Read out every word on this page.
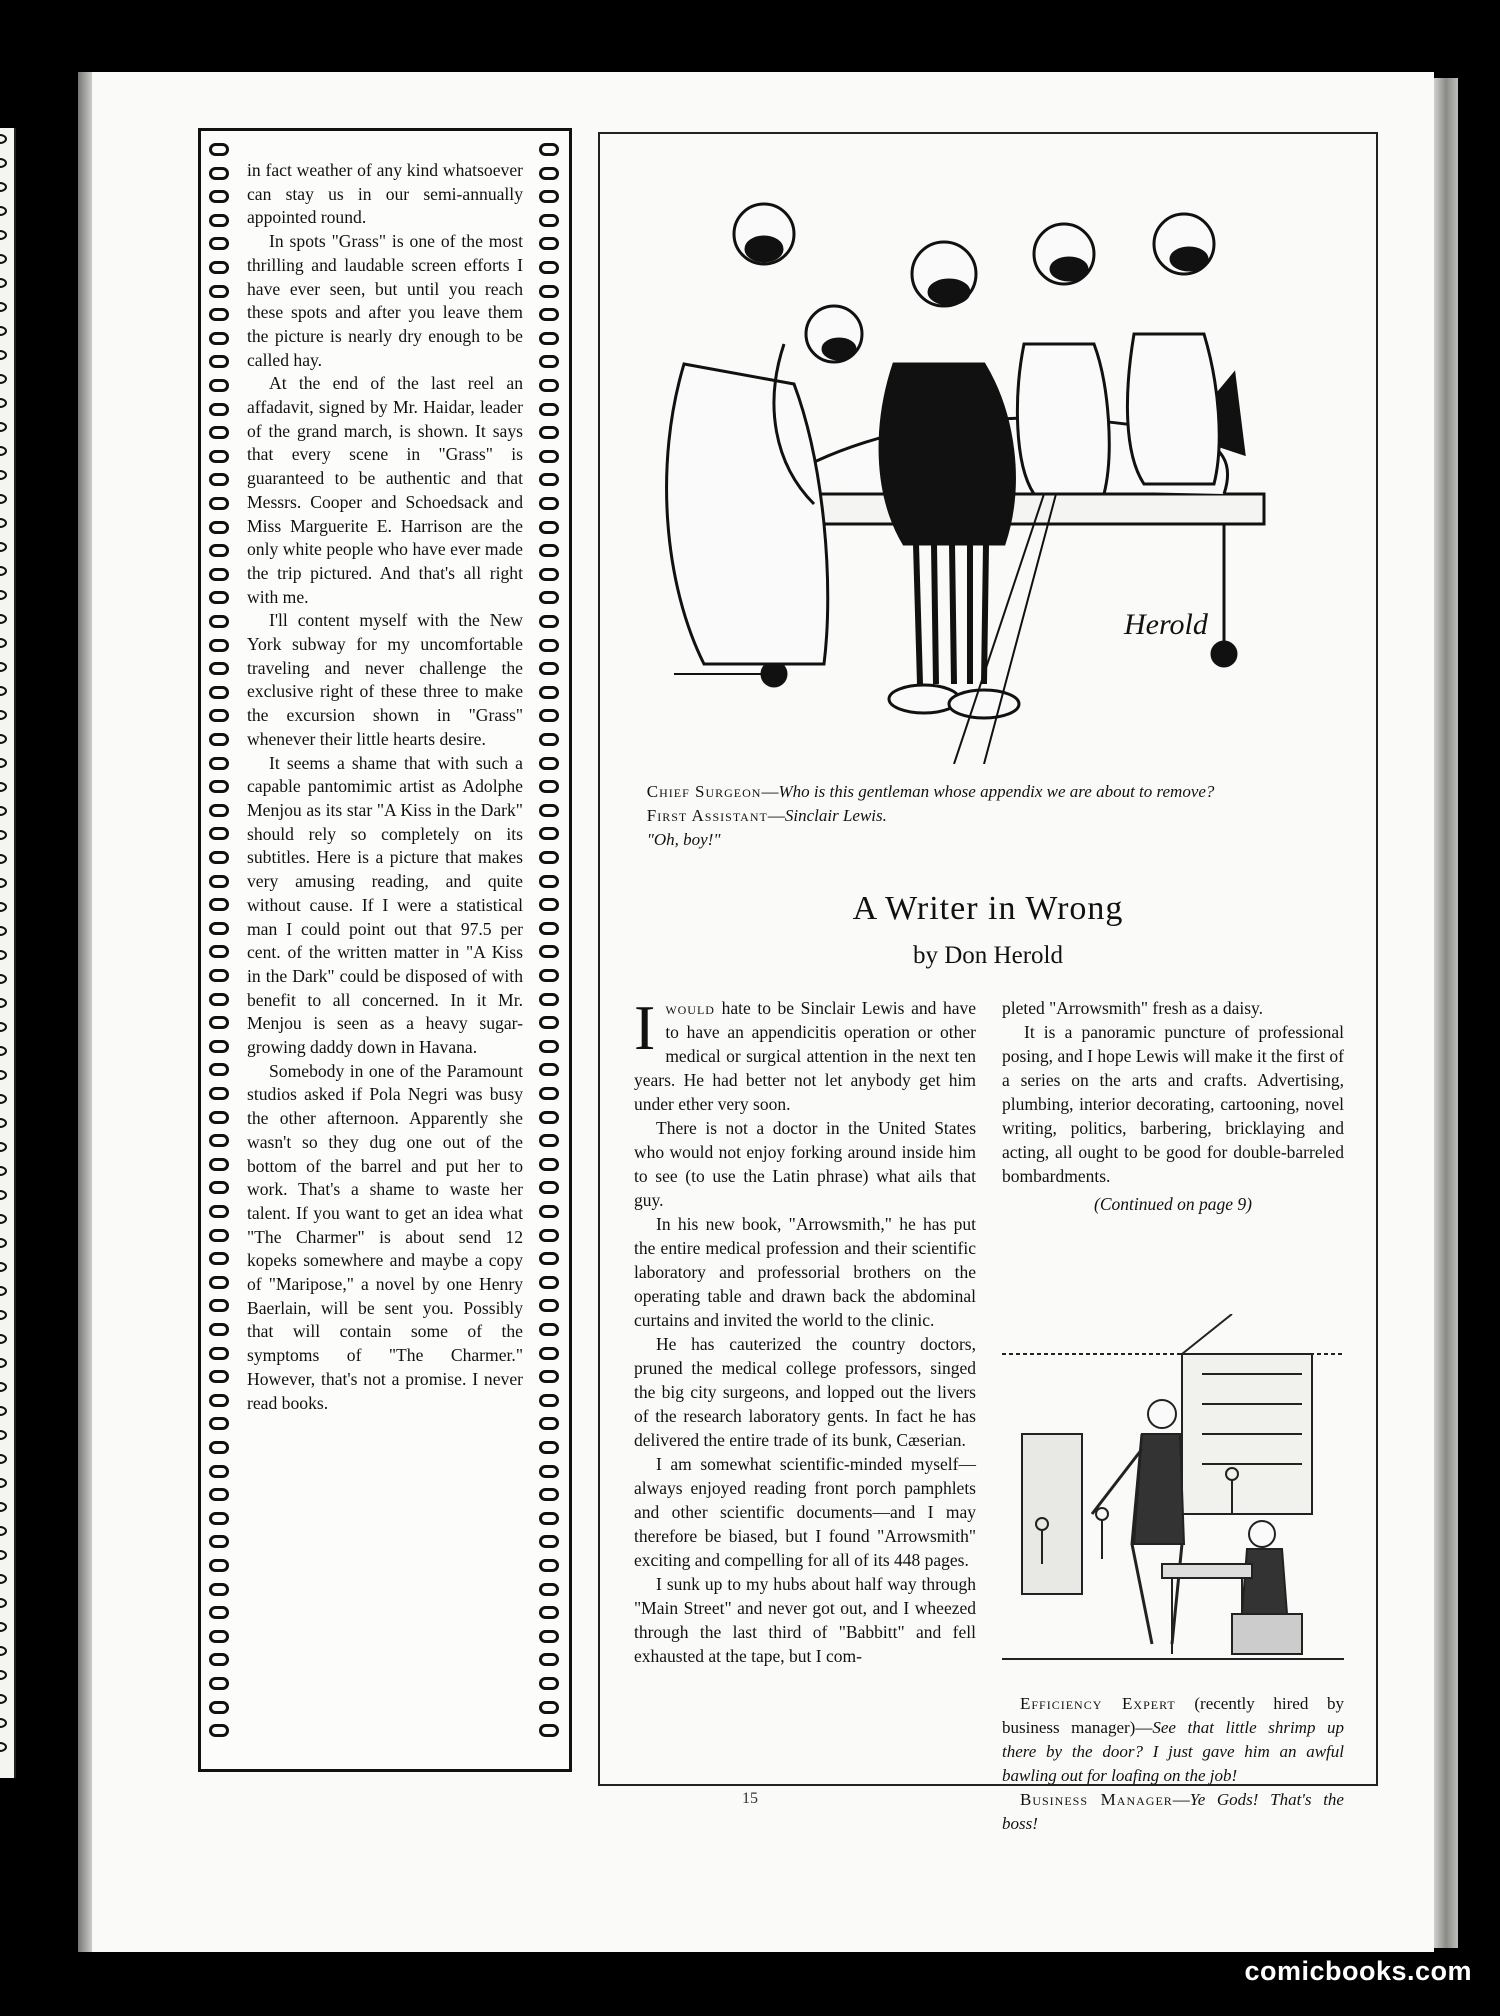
in fact weather of any kind whatsoever can stay us in our semi-annually appointed round.

In spots "Grass" is one of the most thrilling and laudable screen efforts I have ever seen, but until you reach these spots and after you leave them the picture is nearly dry enough to be called hay.

At the end of the last reel an affadavit, signed by Mr. Haidar, leader of the grand march, is shown. It says that every scene in "Grass" is guaranteed to be authentic and that Messrs. Cooper and Schoedsack and Miss Marguerite E. Harrison are the only white people who have ever made the trip pictured. And that's all right with me.

I'll content myself with the New York subway for my uncomfortable traveling and never challenge the exclusive right of these three to make the excursion shown in "Grass" whenever their little hearts desire.

It seems a shame that with such a capable pantomimic artist as Adolphe Menjou as its star "A Kiss in the Dark" should rely so completely on its subtitles. Here is a picture that makes very amusing reading, and quite without cause. If I were a statistical man I could point out that 97.5 per cent. of the written matter in "A Kiss in the Dark" could be disposed of with benefit to all concerned. In it Mr. Menjou is seen as a heavy sugar-growing daddy down in Havana.

Somebody in one of the Paramount studios asked if Pola Negri was busy the other afternoon. Apparently she wasn't so they dug one out of the bottom of the barrel and put her to work. That's a shame to waste her talent. If you want to get an idea what "The Charmer" is about send 12 kopeks somewhere and maybe a copy of "Maripose," a novel by one Henry Baerlain, will be sent you. Possibly that will contain some of the symptoms of "The Charmer." However, that's not a promise. I never read books.

Herold

Chief Surgeon—Who is this gentleman whose appendix we are about to remove?

First Assistant—Sinclair Lewis.

"Oh, boy!"

A Writer in Wrong
by Don Herold

Iwould hate to be Sinclair Lewis and have to have an appendicitis operation or other medical or surgical attention in the next ten years. He had better not let anybody get him under ether very soon.

There is not a doctor in the United States who would not enjoy forking around inside him to see (to use the Latin phrase) what ails that guy.

In his new book, "Arrowsmith," he has put the entire medical profession and their scientific laboratory and professorial brothers on the operating table and drawn back the abdominal curtains and invited the world to the clinic.

He has cauterized the country doctors, pruned the medical college professors, singed the big city surgeons, and lopped out the livers of the research laboratory gents. In fact he has delivered the entire trade of its bunk, Cæserian.

I am somewhat scientific-minded myself—always enjoyed reading front porch pamphlets and other scientific documents—and I may therefore be biased, but I found "Arrowsmith" exciting and compelling for all of its 448 pages.

I sunk up to my hubs about half way through "Main Street" and never got out, and I wheezed through the last third of "Babbitt" and fell exhausted at the tape, but I com-

pleted "Arrowsmith" fresh as a daisy.

It is a panoramic puncture of professional posing, and I hope Lewis will make it the first of a series on the arts and crafts. Advertising, plumbing, interior decorating, cartooning, novel writing, politics, barbering, bricklaying and acting, all ought to be good for double-barreled bombardments.

(Continued on page 9)

Efficiency Expert (recently hired by business manager)—See that little shrimp up there by the door? I just gave him an awful bawling out for loafing on the job!

Business Manager—Ye Gods! That's the boss!

15
comicbooks.com
